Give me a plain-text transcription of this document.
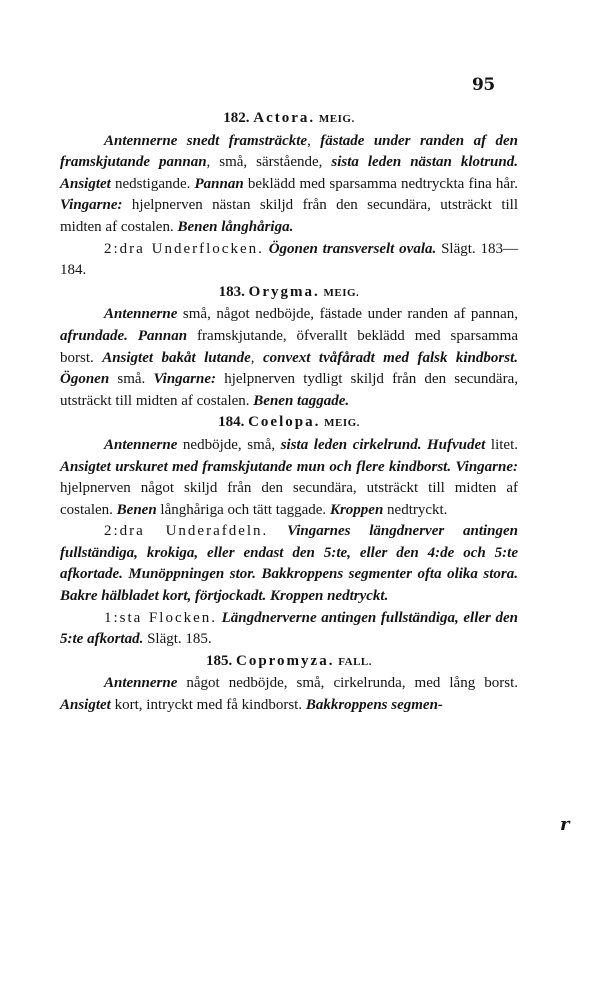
95

182. Actora. MEIG.

Antennerne snedt framsträckte, fästade under randen af den framskjutande pannan, små, särstående, sista leden nästan klotrund. Ansigtet nedstigande. Pannan beklädd med sparsamma nedtryckta fina hår. Vingarne: hjelpnerven nästan skiljd från den secundära, utsträckt till midten af costalen. Benen långhåriga.

2:dra Underflocken. Ögonen transverselt ovala. Slägt. 183—184.

183. Orygma. MEIG.

Antennerne små, något nedböjde, fästade under randen af pannan, afrundade. Pannan framskjutande, öfverallt beklädd med sparsamma borst. Ansigtet bakåt lutande, convext tvåfåradt med falsk kindborst. Ögonen små. Vingarne: hjelpnerven tydligt skiljd från den secundära, utsträckt till midten af costalen. Benen taggade.

184. Coelopa. MEIG.

Antennerne nedböjde, små, sista leden cirkelrund. Hufvudet litet. Ansigtet urskuret med framskjutande mun och flere kindborst. Vingarne: hjelpnerven något skiljd från den secundära, utsträckt till midten af costalen. Benen långhåriga och tätt taggade. Kroppen nedtryckt.

2:dra Underafdeln. Vingarnes längdnerver antingen fullständiga, krokiga, eller endast den 5:te, eller den 4:de och 5:te afkortade. Munöppningen stor. Bakkroppens segmenter ofta olika stora. Bakre hälbladet kort, förtjockadt. Kroppen nedtryckt.

1:sta Flocken. Längdnerverne antingen fullständiga, eller den 5:te afkortad. Slägt. 185.

185. Copromyza. FALL.

Antennerne något nedböjde, små, cirkelrunda, med lång borst. Ansigtet kort, intryckt med få kindborst. Bakkroppens segmen-

r
